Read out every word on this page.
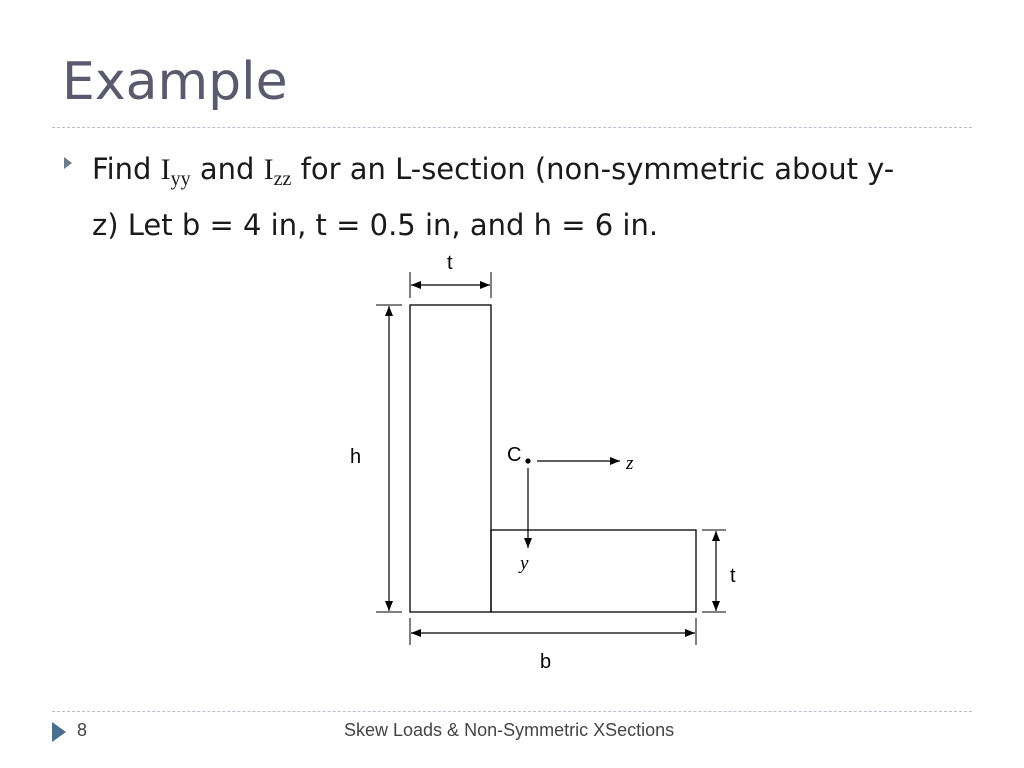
Example
Find $I_{yy}$ and $I_{zz}$ for an L-section (non-symmetric about y-
z) Let b = 4 in, t = 0.5 in, and h = 6 in.
t
h	C	z
y
t
b
8	Skew Loads & Non-Symmetric XSections
